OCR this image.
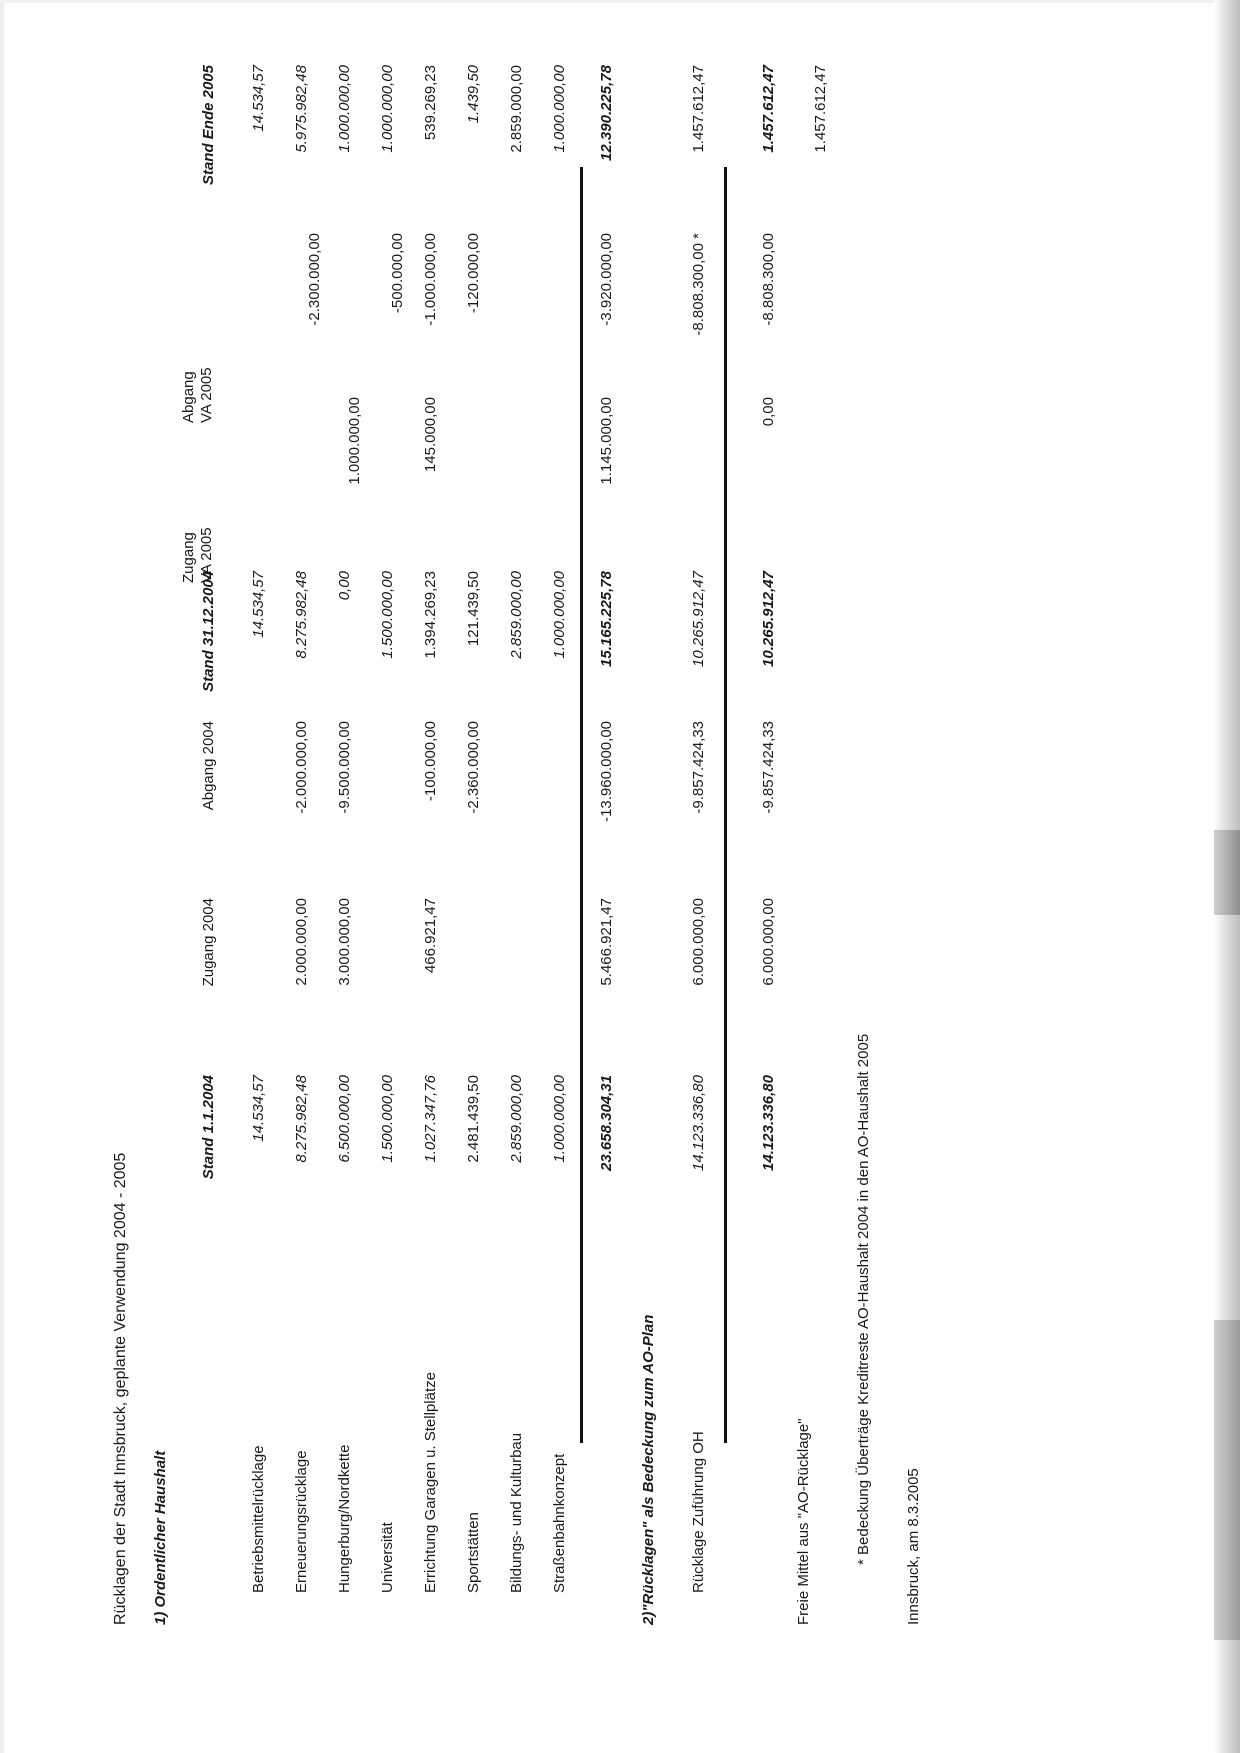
Rücklagen der Stadt Innsbruck, geplante Verwendung 2004 - 2005 1) Ordentlicher Haushalt
Stand 1.1.2004
Zugang 2004
Abgang 2004
Stand 31.12.2004
Zugang VA 2005
Abgang VA 2005
Stand Ende 2005
Betriebsmittelrücklage
14.534,57
14.534,57
14.534,57
Erneuerungsrücklage
8.275.982,48
2.000.000,00
-2.000.000,00
8.275.982,48
-2.300.000,00
5.975.982,48
Hungerburg/Nordkette
6.500.000,00
3.000.000,00
-9.500.000,00
0,00
1.000.000,00
1.000.000,00
Universität
1.500.000,00
1.500.000,00
-500.000,00
1.000.000,00
Errichtung Garagen u. Stellplätze
1.027.347,76
466.921,47
-100.000,00
1.394.269,23
145.000,00
-1.000.000,00
539.269,23
Sportstätten
2.481.439,50
-2.360.000,00
121.439,50
-120.000,00
1.439,50
Bildungs- und Kulturbau
2.859.000,00
2.859.000,00
2.859.000,00
Straßenbahnkonzept
1.000.000,00
1.000.000,00
1.000.000,00
23.658.304,31
5.466.921,47
-13.960.000,00
15.165.225,78
1.145.000,00
-3.920.000,00
12.390.225,78
2)"Rücklagen" als Bedeckung zum AO-Plan Rücklage Zuführung OH
14.123.336,80
6.000.000,00
-9.857.424,33
10.265.912,47
-8.808.300,00 *
1.457.612,47
14.123.336,80
6.000.000,00
-9.857.424,33
10.265.912,47
0,00
-8.808.300,00
1.457.612,47
Freie Mittel aus "AO-Rücklage"
1.457.612,47
* Bedeckung Überträge Kreditreste AO-Haushalt 2004 in den AO-Haushalt 2005 Innsbruck, am 8.3.2005
